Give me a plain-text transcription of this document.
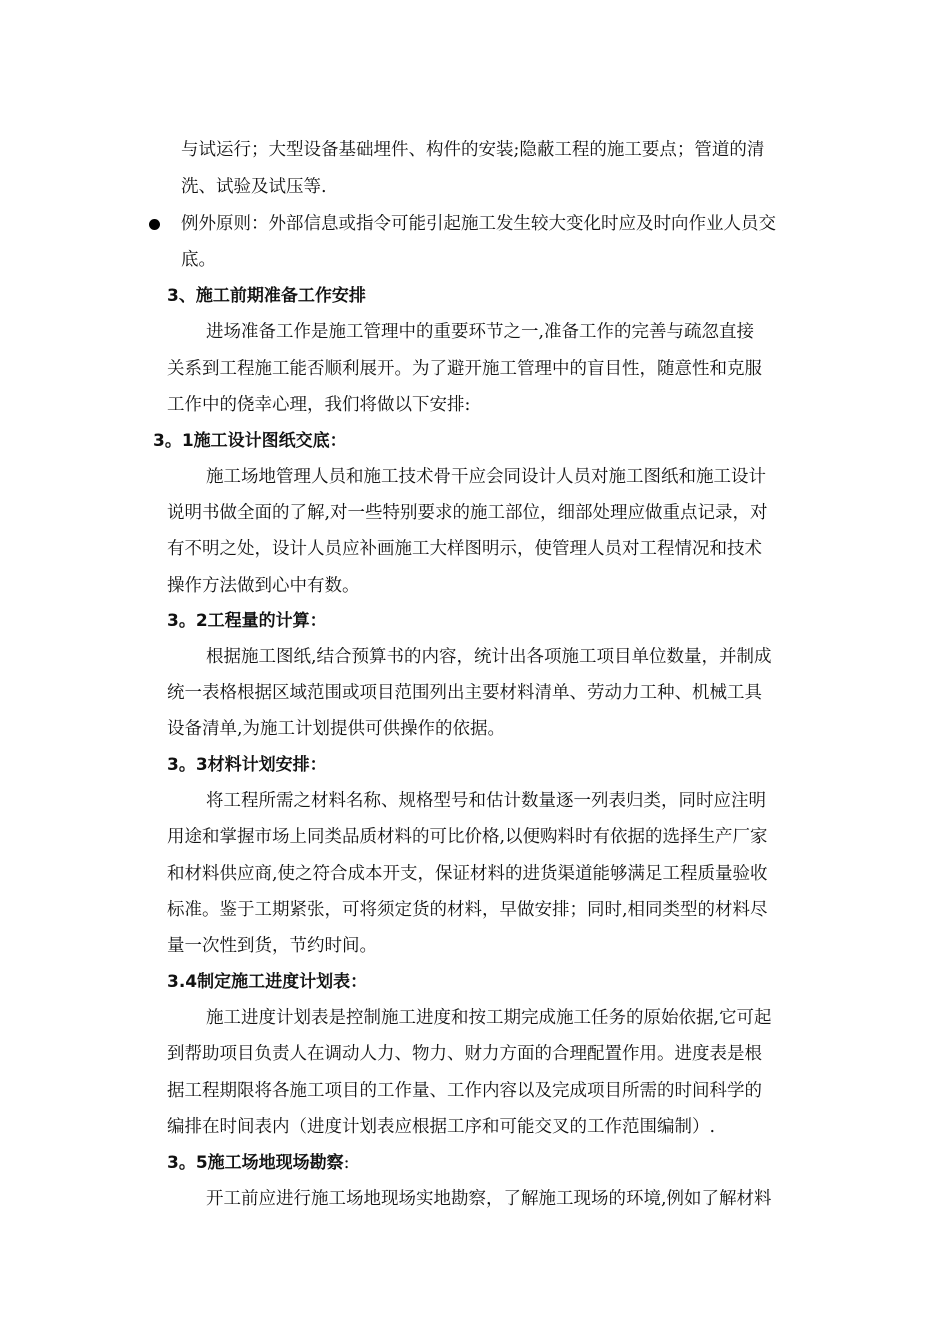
与试运行；大型设备基础埋件、构件的安装;隐蔽工程的施工要点；管道的清
洗、试验及试压等.
例外原则：外部信息或指令可能引起施工发生较大变化时应及时向作业人员交
底。
3、施工前期准备工作安排
进场准备工作是施工管理中的重要环节之一,准备工作的完善与疏忽直接
关系到工程施工能否顺利展开。为了避开施工管理中的盲目性，随意性和克服
工作中的侥幸心理，我们将做以下安排:
3。1施工设计图纸交底：
施工场地管理人员和施工技术骨干应会同设计人员对施工图纸和施工设计
说明书做全面的了解,对一些特别要求的施工部位，细部处理应做重点记录，对
有不明之处，设计人员应补画施工大样图明示，使管理人员对工程情况和技术
操作方法做到心中有数。
3。2工程量的计算：
根据施工图纸,结合预算书的内容，统计出各项施工项目单位数量，并制成
统一表格根据区域范围或项目范围列出主要材料清单、劳动力工种、机械工具
设备清单,为施工计划提供可供操作的依据。
3。3材料计划安排：
将工程所需之材料名称、规格型号和估计数量逐一列表归类，同时应注明
用途和掌握市场上同类品质材料的可比价格,以便购料时有依据的选择生产厂家
和材料供应商,使之符合成本开支，保证材料的进货渠道能够满足工程质量验收
标准。鉴于工期紧张，可将须定货的材料，早做安排；同时,相同类型的材料尽
量一次性到货，节约时间。
3.4制定施工进度计划表：
施工进度计划表是控制施工进度和按工期完成施工任务的原始依据,它可起
到帮助项目负责人在调动人力、物力、财力方面的合理配置作用。进度表是根
据工程期限将各施工项目的工作量、工作内容以及完成项目所需的时间科学的
编排在时间表内（进度计划表应根据工序和可能交叉的工作范围编制）.
3。5施工场地现场勘察:
开工前应进行施工场地现场实地勘察，了解施工现场的环境,例如了解材料
